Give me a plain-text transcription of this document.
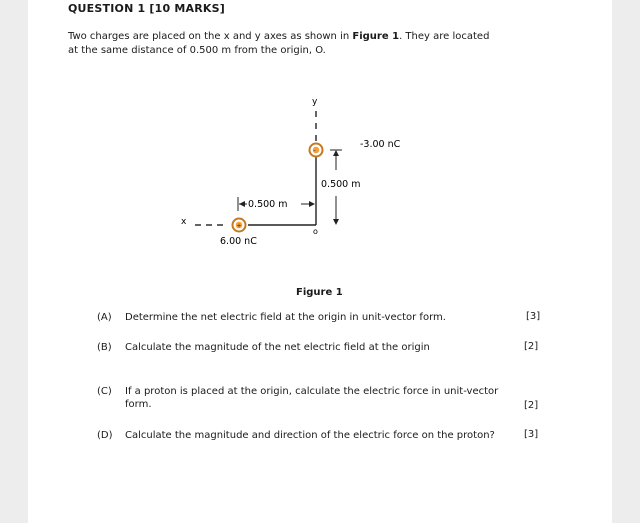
QUESTION 1 [10 MARKS]
Two charges are placed on the x and y axes as shown in Figure 1. They are located at the same distance of 0.500 m from the origin, O.
y
x
o
0.500 m
0.500 m
-
-3.00 nC
+
6.00 nC
Figure 1
(A) Determine the net electric field at the origin in unit-vector form.	[3]
(B) Calculate the magnitude of the net electric field at the origin	[2]
(C) If a proton is placed at the origin, calculate the electric force in unit-vector
form.	[2]
(D) Calculate the magnitude and direction of the electric force on the proton?	[3]
